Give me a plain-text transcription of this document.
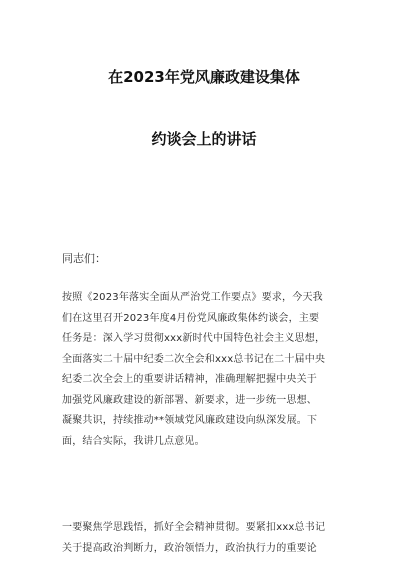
在2023年党风廉政建设集体
约谈会上的讲话

同志们：

按照《2023年落实全面从严治党工作要点》要求，今天我
们在这里召开2023年度4月份党风廉政集体约谈会，主要
任务是：深入学习贯彻xxx新时代中国特色社会主义思想，
全面落实二十届中纪委二次全会和xxx总书记在二十届中央
纪委二次全会上的重要讲话精神，准确理解把握中央关于
加强党风廉政建设的新部署、新要求，进一步统一思想、
凝聚共识，持续推动**领域党风廉政建设向纵深发展。下
面，结合实际，我讲几点意见。
一要聚焦学思践悟，抓好全会精神贯彻。要紧扣xxx总书记
关于提高政治判断力，政治领悟力，政治执行力的重要论
